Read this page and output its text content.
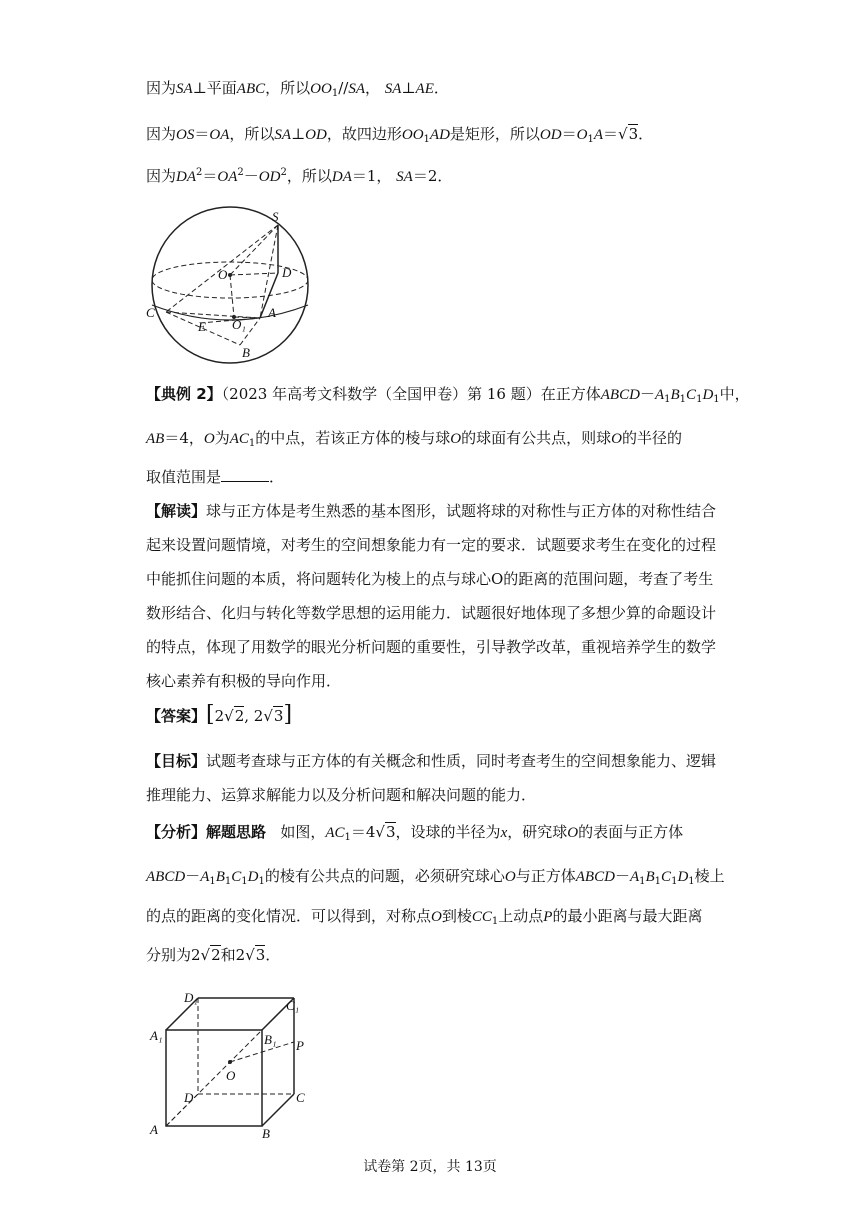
因为SA⊥平面ABC，所以$OO_1//SA$， SA⊥AE．
因为OS＝OA，所以SA⊥OD，故四边形$OO_1AD$是矩形，所以$OD=O_1A=√3$．
因为$DA^2=OA^2-OD^2$，所以DA＝1， SA＝2．
S
O	D
C
E O₁
A
B
【典例 2】（2023 年高考文科数学（全国甲卷）第 16 题）在正方体$ABCD-A_1B_1C_1D_1$中，
AB＝4，O为$AC_1$的中点，若该正方体的棱与球O的球面有公共点，则球O的半径的
取值范围是	．
【解读】球与正方体是考生熟悉的基本图形，试题将球的对称性与正方体的对称性结合起来设置问题情境，对考生的空间想象能力有一定的要求．试题要求考生在变化的过程中能抓住问题的本质，将问题转化为棱上的点与球心O的距离的范围问题，考查了考生数形结合、化归与转化等数学思想的运用能力．试题很好地体现了多想少算的命题设计的特点，体现了用数学的眼光分析问题的重要性，引导教学改革，重视培养学生的数学核心素养有积极的导向作用．
【答案】[2√2, 2√3]
【目标】试题考查球与正方体的有关概念和性质，同时考查考生的空间想象能力、逻辑推理能力、运算求解能力以及分析问题和解决问题的能力．
【分析】解题思路   如图，$AC_1=4√3$，设球的半径为x，研究球O的表面与正方体
$ABCD-A_1B_1C_1D_1$的棱有公共点的问题，必须研究球心O与正方体$ABCD-A_1B_1C_1D_1$棱上
的点的距离的变化情况．可以得到，对称点O到棱$CC_1$上动点P的最小距离与最大距离
分别为2√2和2√3．
D₁
C₁
A₁	B₁ P
O
D	C
A	B
试卷第 2页，共 13页
